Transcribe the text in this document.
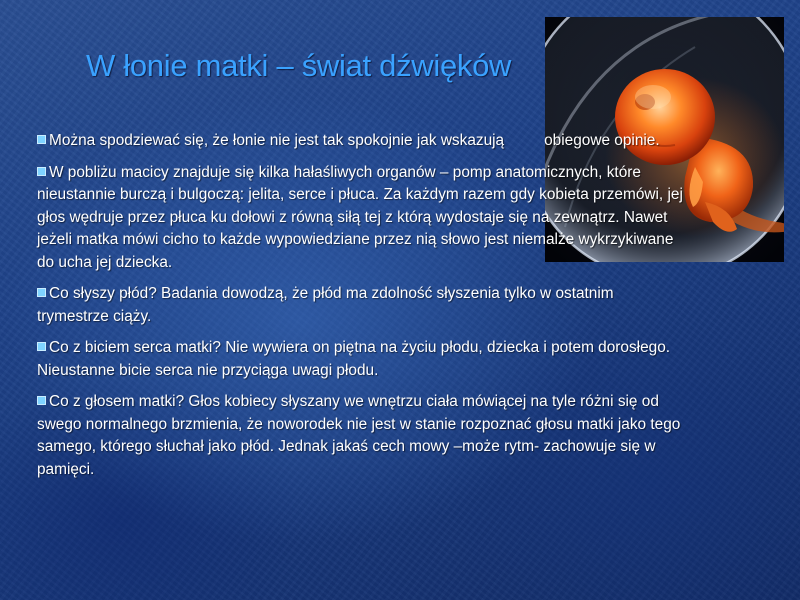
W łonie matki – świat dźwięków

Można spodziewać się, że łonie nie jest tak spokojnie jak wskazują	obiegowe opinie.

W pobliżu macicy znajduje się kilka hałaśliwych organów – pomp anatomicznych, które nieustannie burczą i bulgoczą: jelita, serce i płuca. Za każdym razem gdy kobieta przemówi, jej głos wędruje przez płuca ku dołowi z równą siłą tej z którą wydostaje się na zewnątrz. Nawet jeżeli matka mówi cicho to każde wypowiedziane przez nią słowo jest niemalże wykrzykiwane do ucha jej dziecka.

Co słyszy płód? Badania dowodzą, że płód ma zdolność słyszenia tylko w ostatnim trymestrze ciąży.

Co z biciem serca matki? Nie wywiera on piętna na życiu płodu, dziecka i potem dorosłego. Nieustanne bicie serca nie przyciąga uwagi płodu.

Co z głosem matki? Głos kobiecy słyszany we wnętrzu ciała mówiącej na tyle różni się od swego normalnego brzmienia, że noworodek nie jest w stanie rozpoznać głosu matki jako tego samego, którego słuchał jako płód. Jednak jakaś cech mowy –może rytm- zachowuje się w pamięci.
